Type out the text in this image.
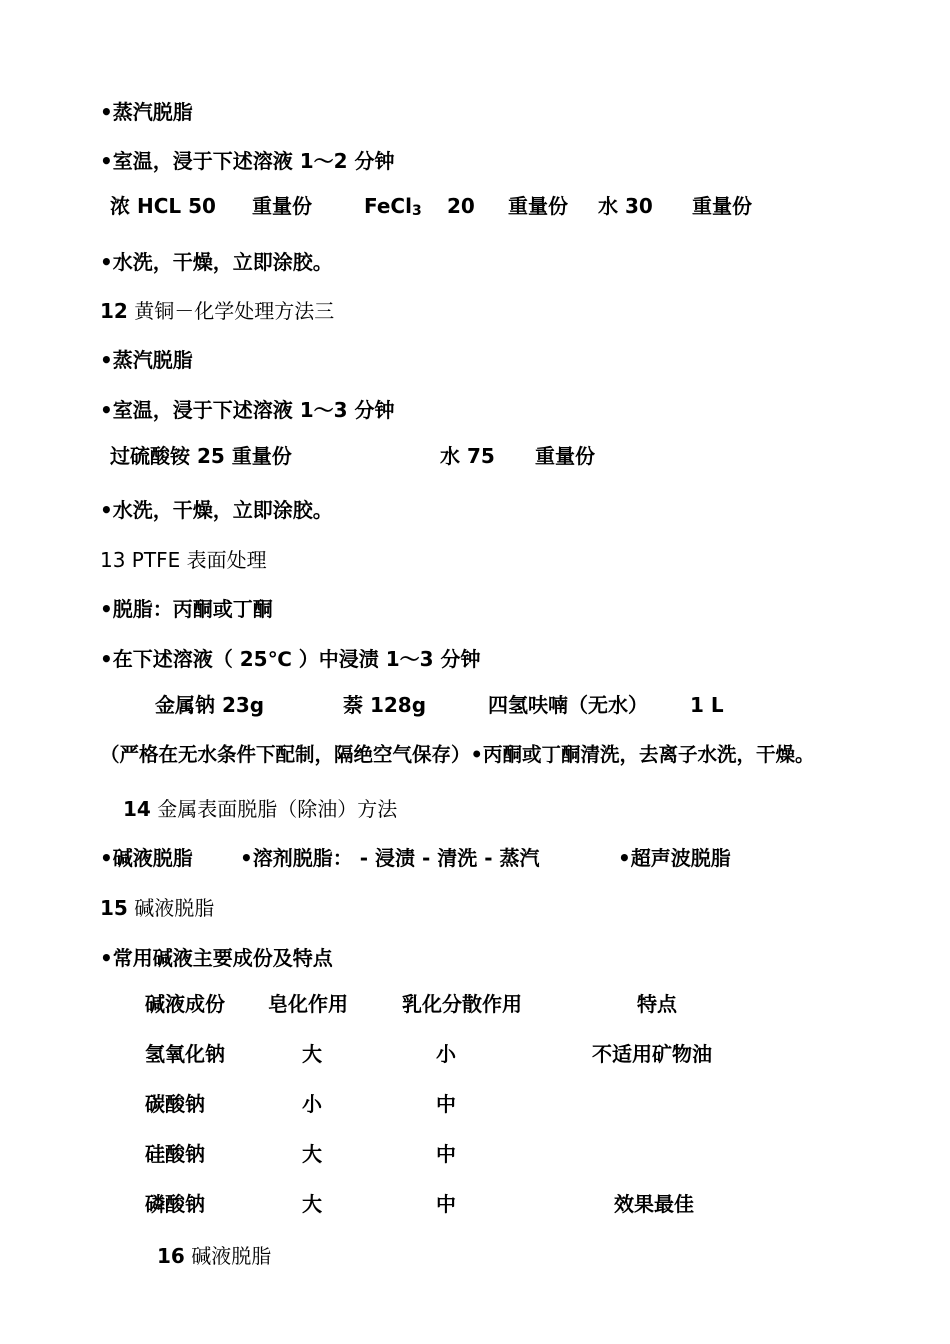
•蒸汽脱脂
•室温，浸于下述溶液 1～2 分钟
浓 HCL 50 重量份	FeCl$_3$ 20 重量份 水 30 重量份
•水洗，干燥，立即涂胶。
12 黄铜－化学处理方法三
•蒸汽脱脂
•室温，浸于下述溶液 1～3 分钟
过硫酸铵 25 重量份	水 75 重量份
•水洗，干燥，立即涂胶。
13 PTFE 表面处理
•脱脂：丙酮或丁酮
•在下述溶液（ 25℃ ）中浸渍 1～3 分钟
金属钠 23g	萘 128g	四氢呋喃（无水） 1 L
（严格在无水条件下配制，隔绝空气保存）•丙酮或丁酮清洗，去离子水洗，干燥。
14 金属表面脱脂（除油）方法
•碱液脱脂 •溶剂脱脂： - 浸渍 - 清洗 - 蒸汽	•超声波脱脂
15 碱液脱脂
•常用碱液主要成份及特点
碱液成份 皂化作用	乳化分散作用	特点
氢氧化钠	大	小	不适用矿物油
碳酸钠	小	中
硅酸钠	大	中
磷酸钠	大	中	效果最佳
16 碱液脱脂
